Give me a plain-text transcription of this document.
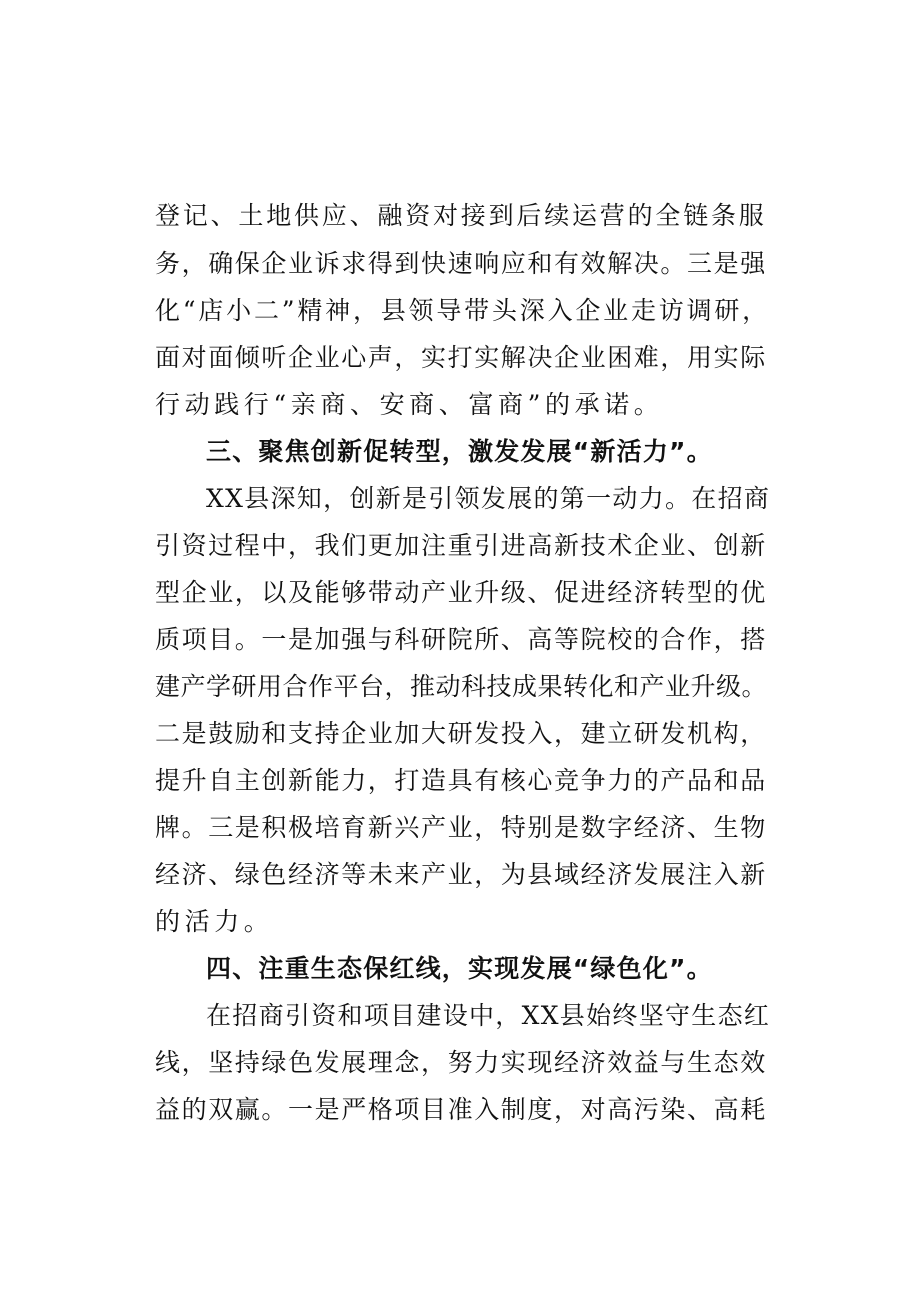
登记、土地供应、融资对接到后续运营的全链条服
务，确保企业诉求得到快速响应和有效解决。三是强
化“店小二”精神，县领导带头深入企业走访调研，
面对面倾听企业心声，实打实解决企业困难，用实际
行动践行“亲商、安商、富商”的承诺。
三、聚焦创新促转型，激发发展“新活力”。
XX县深知，创新是引领发展的第一动力。在招商
引资过程中，我们更加注重引进高新技术企业、创新
型企业，以及能够带动产业升级、促进经济转型的优
质项目。一是加强与科研院所、高等院校的合作，搭
建产学研用合作平台，推动科技成果转化和产业升级。
二是鼓励和支持企业加大研发投入，建立研发机构，
提升自主创新能力，打造具有核心竞争力的产品和品
牌。三是积极培育新兴产业，特别是数字经济、生物
经济、绿色经济等未来产业，为县域经济发展注入新
的活力。
四、注重生态保红线，实现发展“绿色化”。
在招商引资和项目建设中，XX县始终坚守生态红
线，坚持绿色发展理念，努力实现经济效益与生态效
益的双赢。一是严格项目准入制度，对高污染、高耗
